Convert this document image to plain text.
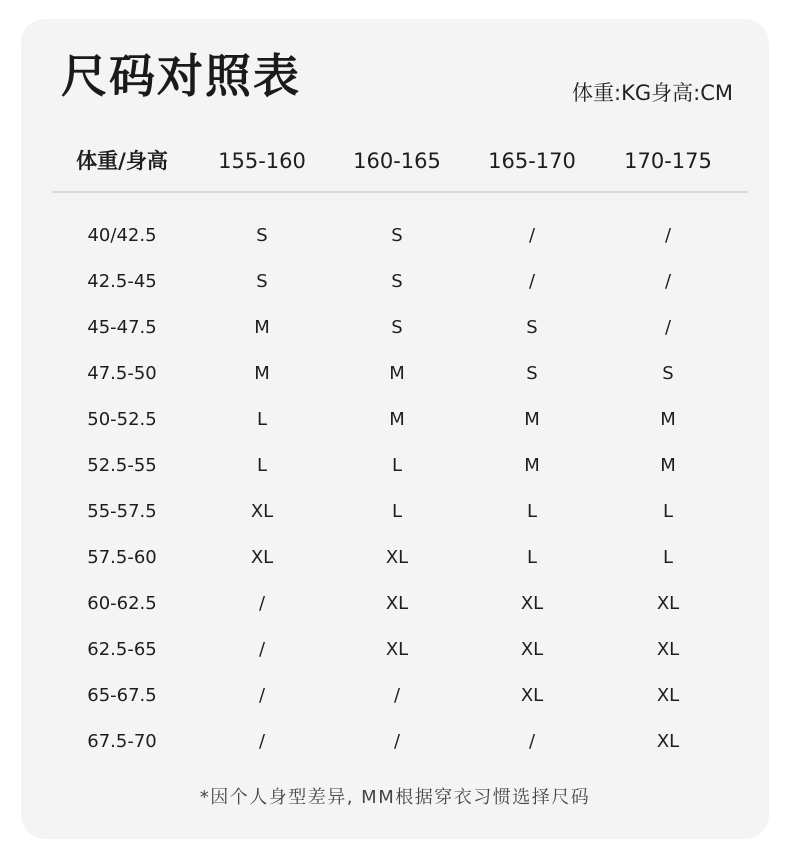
尺码对照表	体重:KG身高:CM
体重/身高 155-160 160-165 165-170 170-175
40/42.5	S	S	/	/
42.5-45	S	S	/	/
45-47.5	M	S	S	/
47.5-50	M	M	S	S
50-52.5	L	M	M	M
52.5-55	L	L	M	M
55-57.5	XL	L	L	L
57.5-60	XL	XL	L	L
60-62.5	/	XL	XL	XL
62.5-65	/	XL	XL	XL
65-67.5	/	/	XL	XL
67.5-70	/	/	/	XL
*因个人身型差异, MM根据穿衣习惯选择尺码
